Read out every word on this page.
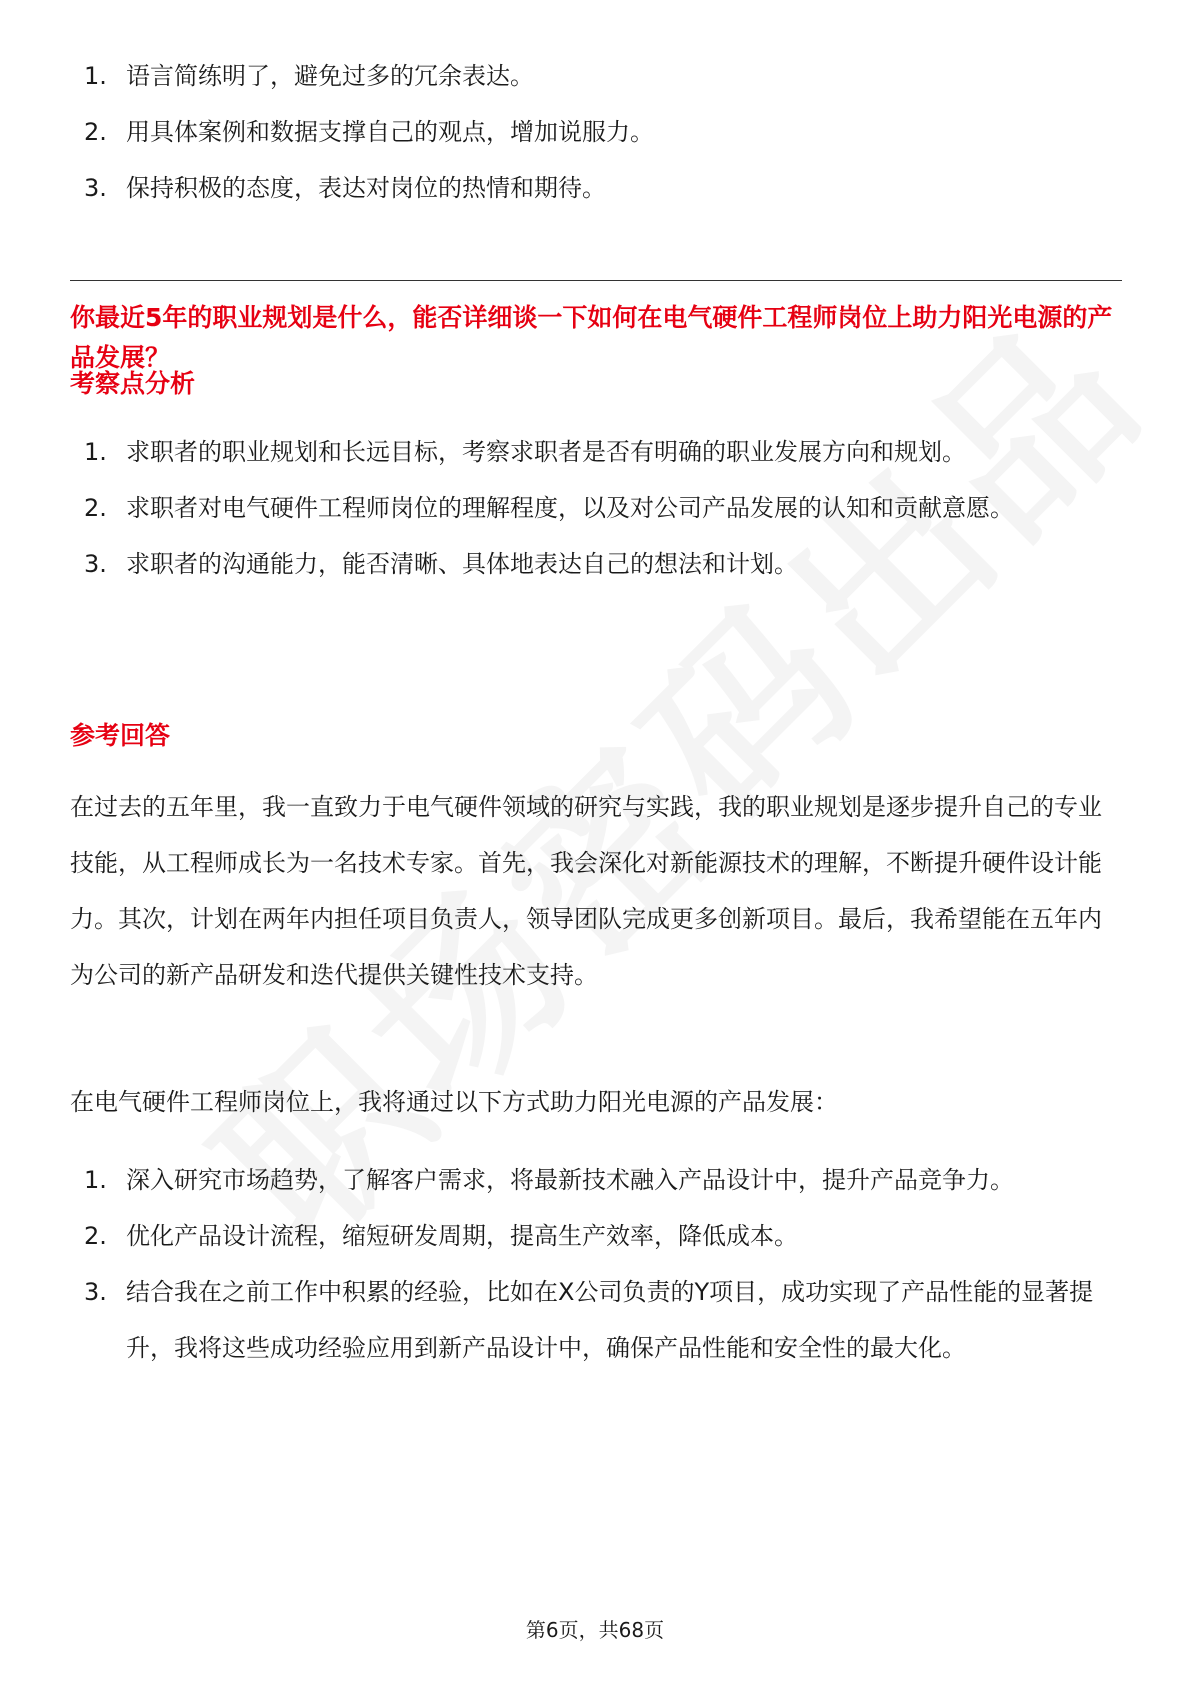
1. 语言简练明了，避免过多的冗余表达。
2. 用具体案例和数据支撑自己的观点，增加说服力。
3. 保持积极的态度，表达对岗位的热情和期待。
你最近5年的职业规划是什么，能否详细谈一下如何在电气硬件工程师岗位上助力阳光电源的产品发展？
考察点分析
1. 求职者的职业规划和长远目标，考察求职者是否有明确的职业发展方向和规划。
2. 求职者对电气硬件工程师岗位的理解程度，以及对公司产品发展的认知和贡献意愿。
3. 求职者的沟通能力，能否清晰、具体地表达自己的想法和计划。
参考回答

在过去的五年里，我一直致力于电气硬件领域的研究与实践，我的职业规划是逐步提升自己的专业技能，从工程师成长为一名技术专家。首先，我会深化对新能源技术的理解，不断提升硬件设计能力。其次，计划在两年内担任项目负责人，领导团队完成更多创新项目。最后，我希望能在五年内为公司的新产品研发和迭代提供关键性技术支持。

在电气硬件工程师岗位上，我将通过以下方式助力阳光电源的产品发展：

1. 深入研究市场趋势，了解客户需求，将最新技术融入产品设计中，提升产品竞争力。
2. 优化产品设计流程，缩短研发周期，提高生产效率，降低成本。
3. 结合我在之前工作中积累的经验，比如在X公司负责的Y项目，成功实现了产品性能的显著提升，我将这些成功经验应用到新产品设计中，确保产品性能和安全性的最大化。
第6页，共68页
